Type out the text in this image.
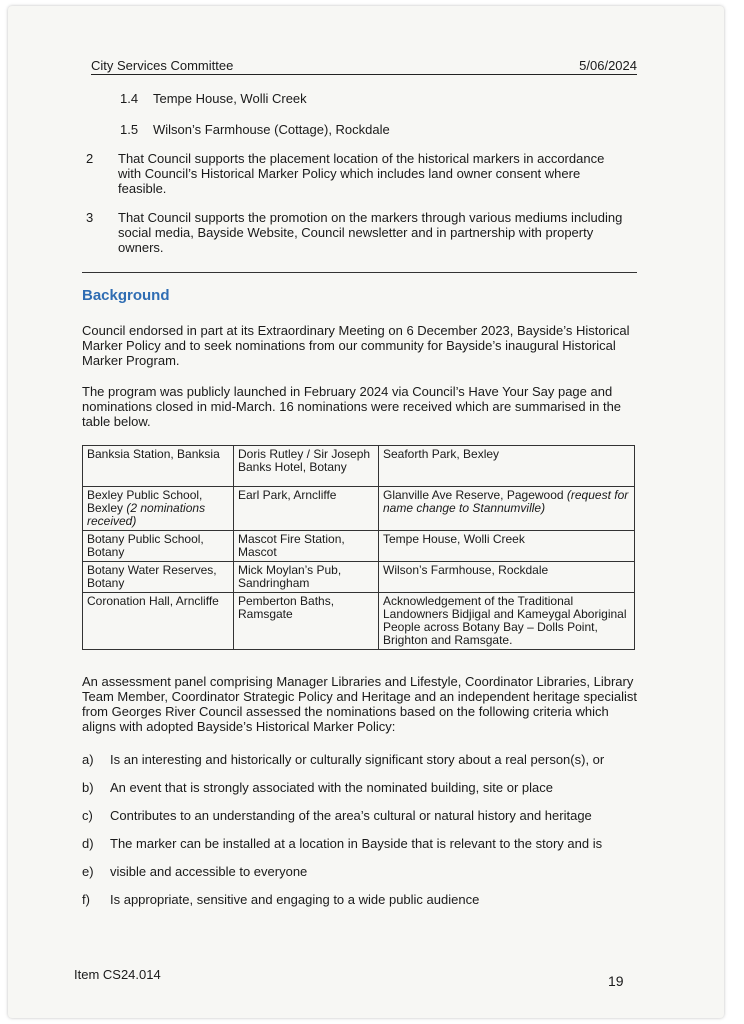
City Services Committee	5/06/2024
1.4 Tempe House, Wolli Creek
1.5 Wilson’s Farmhouse (Cottage), Rockdale
2 That Council supports the placement location of the historical markers in accordance with Council’s Historical Marker Policy which includes land owner consent where feasible.
3 That Council supports the promotion on the markers through various mediums including social media, Bayside Website, Council newsletter and in partnership with property owners.
Background
Council endorsed in part at its Extraordinary Meeting on 6 December 2023, Bayside’s Historical Marker Policy and to seek nominations from our community for Bayside’s inaugural Historical Marker Program.
The program was publicly launched in February 2024 via Council’s Have Your Say page and nominations closed in mid-March. 16 nominations were received which are summarised in the table below.
Banksia Station, Banksia	Doris Rutley / Sir Joseph Banks Hotel, Botany	Seaforth Park, Bexley
Bexley Public School, Bexley (2 nominations received)	Earl Park, Arncliffe	Glanville Ave Reserve, Pagewood (request for name change to Stannumville)
Botany Public School, Botany	Mascot Fire Station, Mascot	Tempe House, Wolli Creek
Botany Water Reserves, Botany	Mick Moylan’s Pub, Sandringham	Wilson’s Farmhouse, Rockdale
Coronation Hall, Arncliffe	Pemberton Baths, Ramsgate	Acknowledgement of the Traditional Landowners Bidjigal and Kameygal Aboriginal People across Botany Bay – Dolls Point, Brighton and Ramsgate.
An assessment panel comprising Manager Libraries and Lifestyle, Coordinator Libraries, Library Team Member, Coordinator Strategic Policy and Heritage and an independent heritage specialist from Georges River Council assessed the nominations based on the following criteria which aligns with adopted Bayside’s Historical Marker Policy:
a) Is an interesting and historically or culturally significant story about a real person(s), or
b) An event that is strongly associated with the nominated building, site or place
c) Contributes to an understanding of the area’s cultural or natural history and heritage
d) The marker can be installed at a location in Bayside that is relevant to the story and is
e) visible and accessible to everyone
f) Is appropriate, sensitive and engaging to a wide public audience
Item CS24.014	19
